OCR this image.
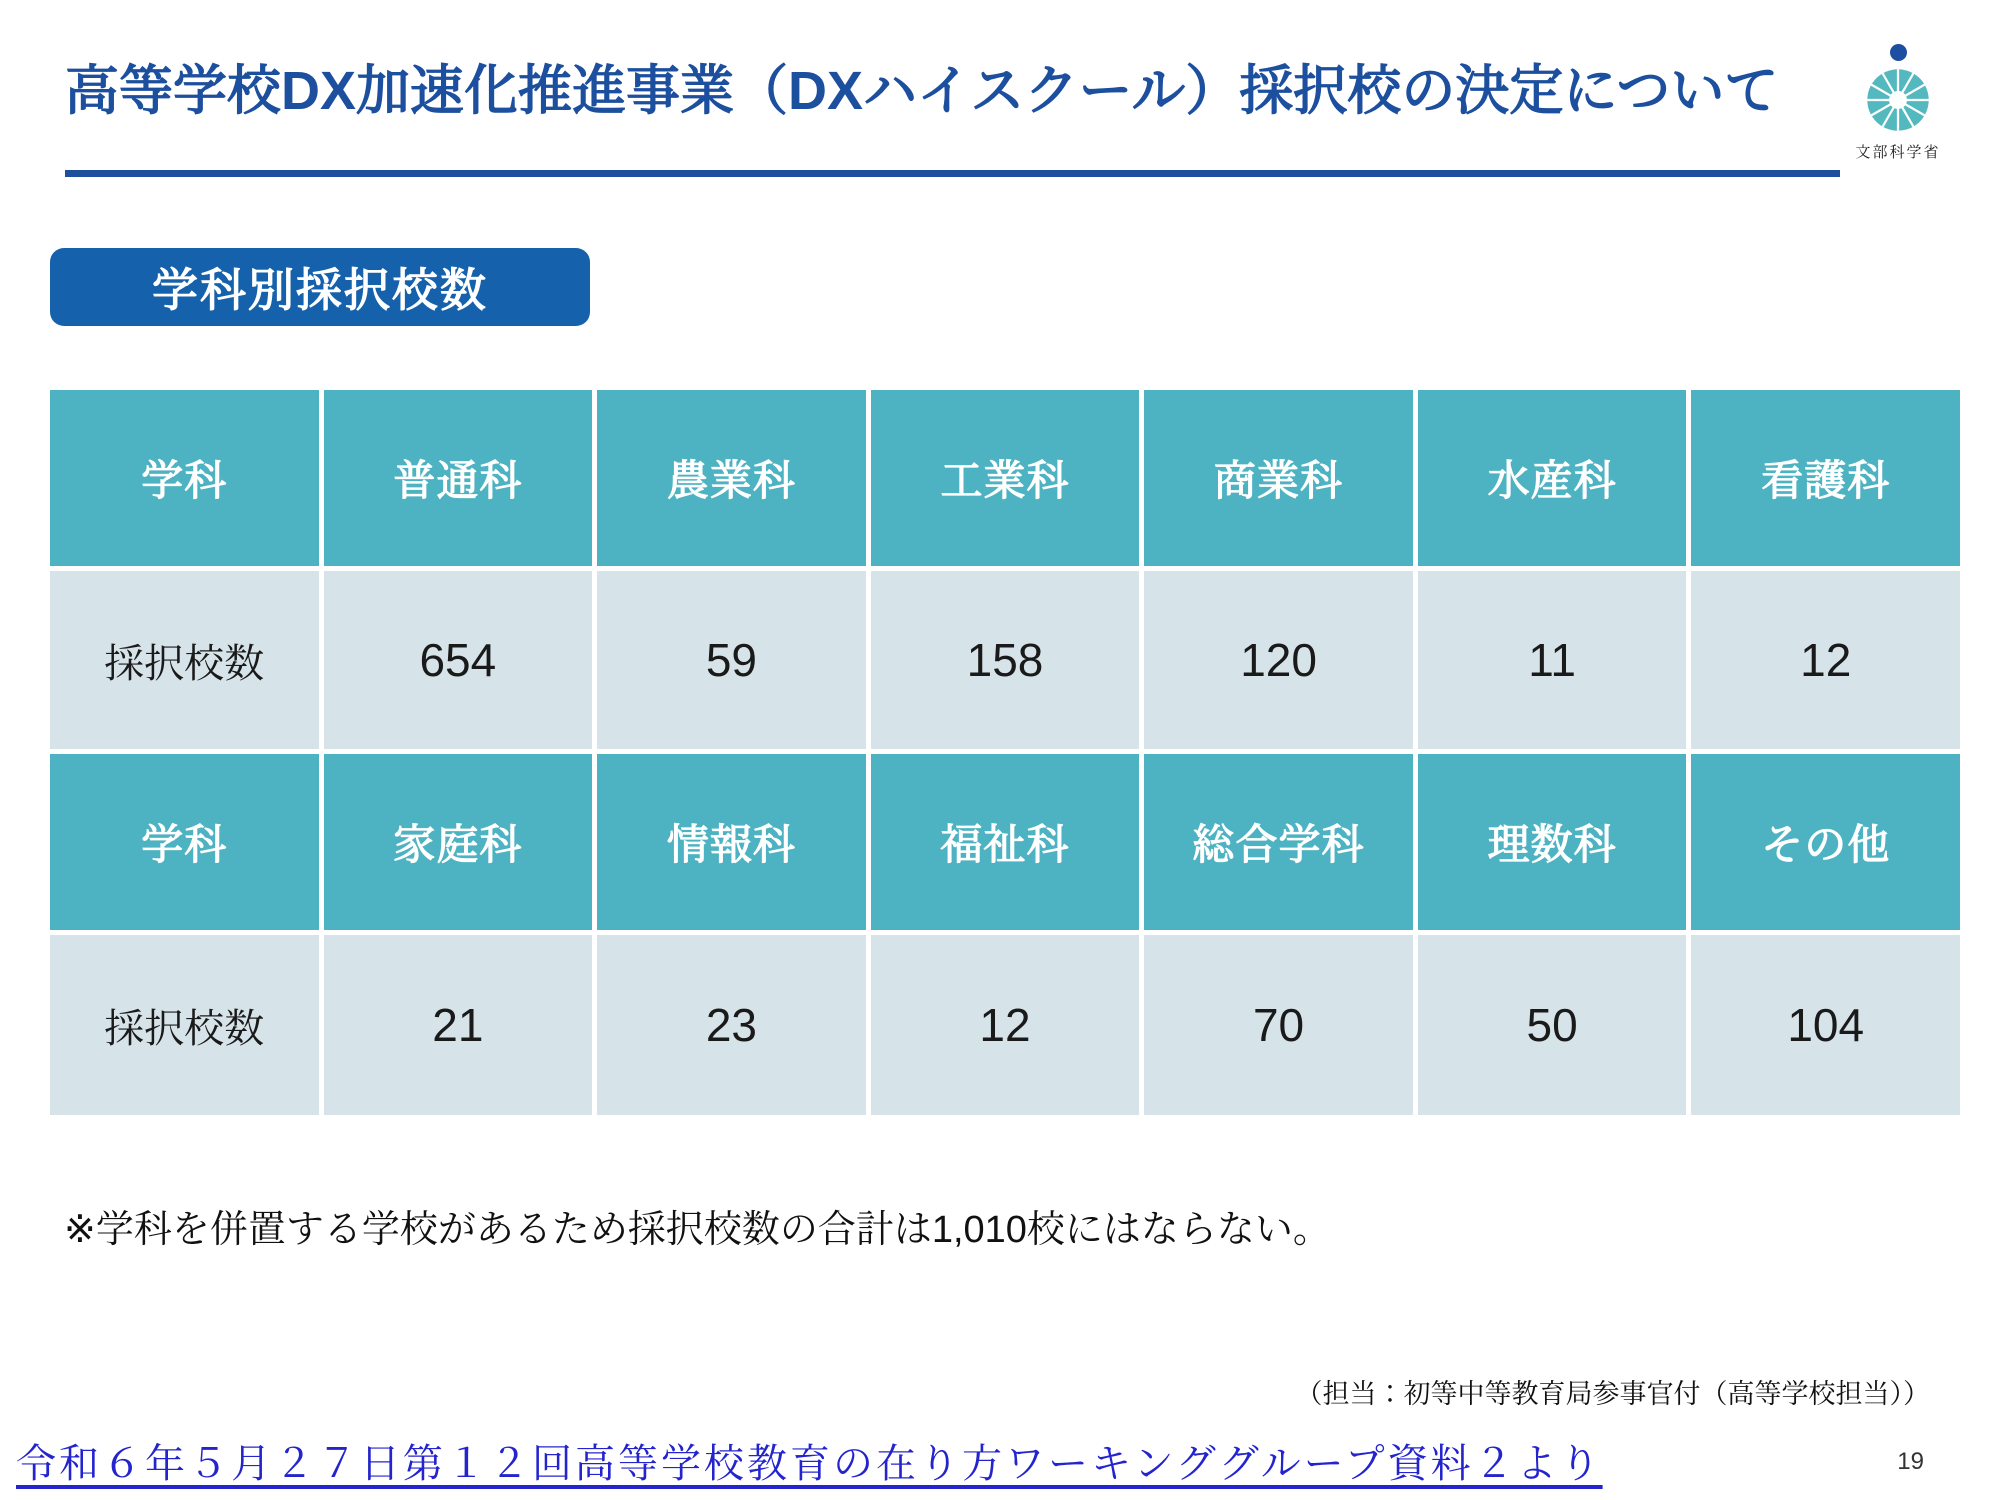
高等学校DX加速化推進事業（DXハイスクール）採択校の決定について
文部科学省
学科別採択校数
学科	普通科	農業科	工業科	商業科	水産科	看護科
採択校数	654	59	158	120	11	12
学科	家庭科	情報科	福祉科	総合学科	理数科	その他
採択校数	21	23	12	70	50	104

※学科を併置する学校があるため採択校数の合計は1,010校にはならない。

（担当：初等中等教育局参事官付（高等学校担当））

令和６年５月２７日第１２回高等学校教育の在り方ワーキンググループ資料２より	19
